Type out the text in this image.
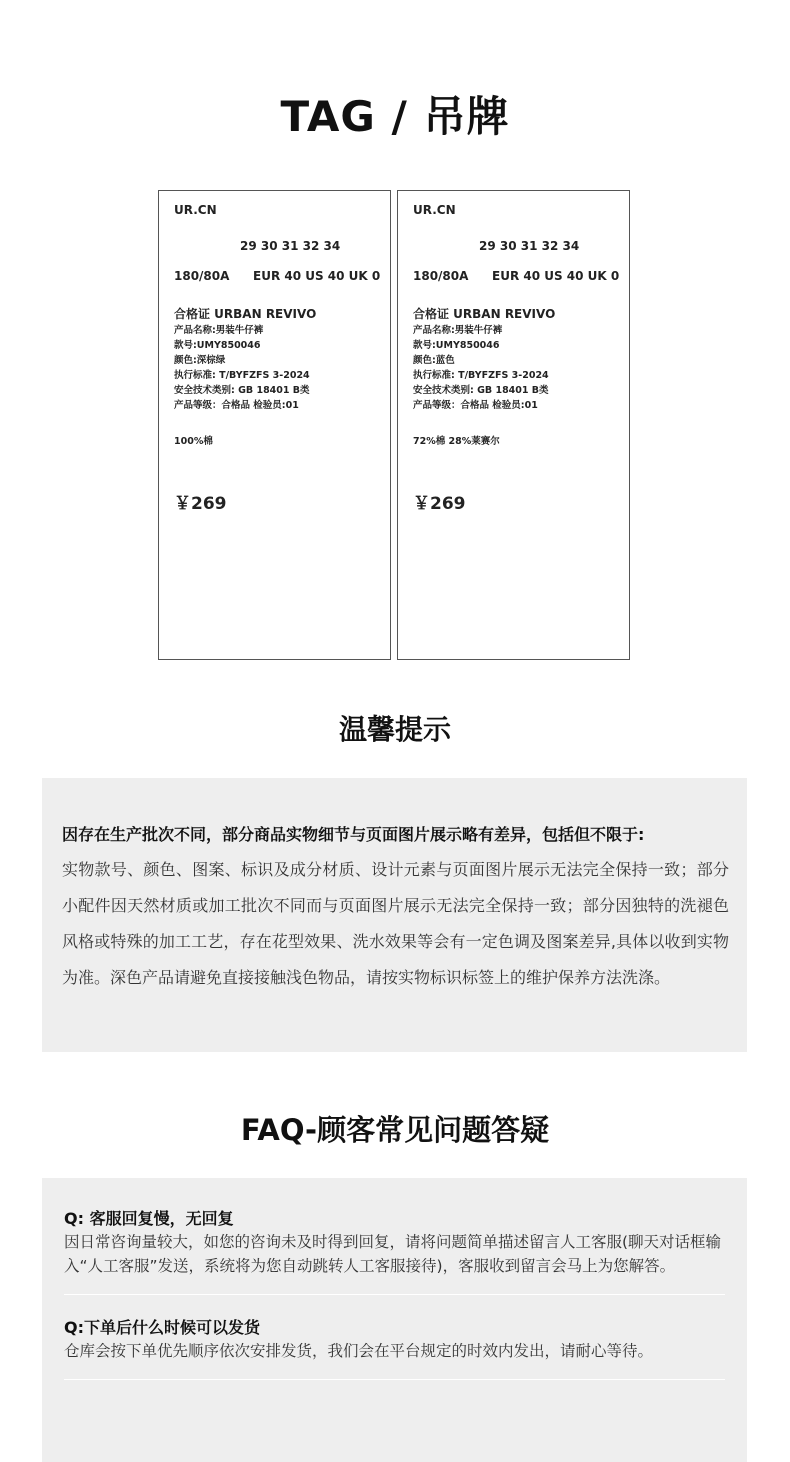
TAG / 吊牌
UR.CN
29 30 31 32 34
180/80A EUR 40 US 40 UK 0
合格证 URBAN REVIVO
产品名称:男装牛仔裤
款号:UMY850046
颜色:深棕绿
执行标准: T/BYFZFS 3-2024
安全技术类别: GB 18401 B类
产品等级：合格品 检验员:01
100%棉
￥269
UR.CN
29 30 31 32 34
180/80A EUR 40 US 40 UK 0
合格证 URBAN REVIVO
产品名称:男装牛仔裤
款号:UMY850046
颜色:蓝色
执行标准: T/BYFZFS 3-2024
安全技术类别: GB 18401 B类
产品等级：合格品 检验员:01
72%棉 28%莱赛尔
￥269
温馨提示

因存在生产批次不同，部分商品实物细节与页面图片展示略有差异，包括但不限于:

实物款号、颜色、图案、标识及成分材质、设计元素与页面图片展示无法完全保持一致；部分小配件因天然材质或加工批次不同而与页面图片展示无法完全保持一致；部分因独特的洗褪色风格或特殊的加工工艺，存在花型效果、洗水效果等会有一定色调及图案差异,具体以收到实物为准。深色产品请避免直接接触浅色物品，请按实物标识标签上的维护保养方法洗涤。

FAQ-顾客常见问题答疑

Q: 客服回复慢，无回复

因日常咨询量较大，如您的咨询未及时得到回复，请将问题简单描述留言人工客服(聊天对话框输入“人工客服”发送，系统将为您自动跳转人工客服接待)，客服收到留言会马上为您解答。

Q:下单后什么时候可以发货

仓库会按下单优先顺序依次安排发货，我们会在平台规定的时效内发出，请耐心等待。
